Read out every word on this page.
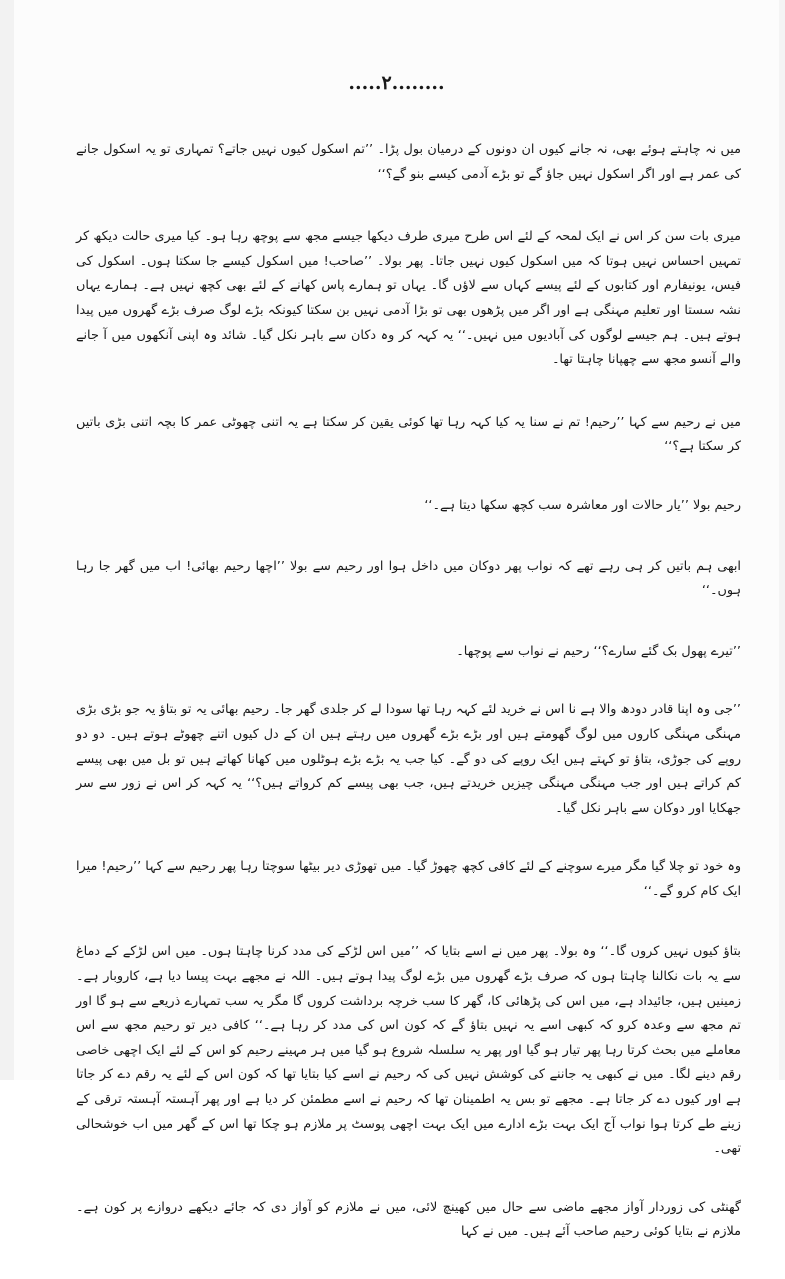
.....۲........

میں نہ چاہتے ہوئے بھی، نہ جانے کیوں ان دونوں کے درمیان بول پڑا۔ ’’تم اسکول کیوں نہیں جاتے؟ تمہاری تو یہ اسکول جانے کی عمر ہے اور اگر اسکول نہیں جاؤ گے تو بڑے آدمی کیسے بنو گے؟‘‘

میری بات سن کر اس نے ایک لمحہ کے لئے اس طرح میری طرف دیکھا جیسے مجھ سے پوچھ رہا ہو۔ کیا میری حالت دیکھ کر تمہیں احساس نہیں ہوتا کہ میں اسکول کیوں نہیں جاتا۔ پھر بولا۔ ’’صاحب! میں اسکول کیسے جا سکتا ہوں۔ اسکول کی فیس، یونیفارم اور کتابوں کے لئے پیسے کہاں سے لاؤں گا۔ یہاں تو ہمارے پاس کھانے کے لئے بھی کچھ نہیں ہے۔ ہمارے یہاں نشہ سستا اور تعلیم مہنگی ہے اور اگر میں پڑھوں بھی تو بڑا آدمی نہیں بن سکتا کیونکہ بڑے لوگ صرف بڑے گھروں میں پیدا ہوتے ہیں۔ ہم جیسے لوگوں کی آبادیوں میں نہیں۔‘‘ یہ کہہ کر وہ دکان سے باہر نکل گیا۔ شائد وہ اپنی آنکھوں میں آ جانے والے آنسو مجھ سے چھپانا چاہتا تھا۔

میں نے رحیم سے کہا ’’رحیم! تم نے سنا یہ کیا کہہ رہا تھا کوئی یقین کر سکتا ہے یہ اتنی چھوٹی عمر کا بچہ اتنی بڑی باتیں کر سکتا ہے؟‘‘

رحیم بولا ’’یار حالات اور معاشرہ سب کچھ سکھا دیتا ہے۔‘‘

ابھی ہم باتیں کر ہی رہے تھے کہ نواب پھر دوکان میں داخل ہوا اور رحیم سے بولا ’’اچھا رحیم بھائی! اب میں گھر جا رہا ہوں۔‘‘

’’تیرے پھول بک گئے سارے؟‘‘ رحیم نے نواب سے پوچھا۔

’’جی وہ اپنا قادر دودھ والا ہے نا اس نے خرید لئے کہہ رہا تھا سودا لے کر جلدی گھر جا۔ رحیم بھائی یہ تو بتاؤ یہ جو بڑی بڑی مہنگی مہنگی کاروں میں لوگ گھومتے ہیں اور بڑے بڑے گھروں میں رہتے ہیں ان کے دل کیوں اتنے چھوٹے ہوتے ہیں۔ دو دو روپے کی جوڑی، بتاؤ تو کہتے ہیں ایک روپے کی دو گے۔ کیا جب یہ بڑے بڑے ہوٹلوں میں کھانا کھاتے ہیں تو بل میں بھی پیسے کم کراتے ہیں اور جب مہنگی مہنگی چیزیں خریدتے ہیں، جب بھی پیسے کم کرواتے ہیں؟‘‘ یہ کہہ کر اس نے زور سے سر جھکایا اور دوکان سے باہر نکل گیا۔

وہ خود تو چلا گیا مگر میرے سوچنے کے لئے کافی کچھ چھوڑ گیا۔ میں تھوڑی دیر بیٹھا سوچتا رہا پھر رحیم سے کہا ’’رحیم! میرا ایک کام کرو گے۔‘‘

بتاؤ کیوں نہیں کروں گا۔‘‘ وہ بولا۔ پھر میں نے اسے بتایا کہ ’’میں اس لڑکے کی مدد کرنا چاہتا ہوں۔ میں اس لڑکے کے دماغ سے یہ بات نکالنا چاہتا ہوں کہ صرف بڑے گھروں میں بڑے لوگ پیدا ہوتے ہیں۔ اللہ نے مجھے بہت پیسا دیا ہے، کاروبار ہے۔ زمینیں ہیں، جائیداد ہے، میں اس کی پڑھائی کا، گھر کا سب خرچہ برداشت کروں گا مگر یہ سب تمہارے ذریعے سے ہو گا اور تم مجھ سے وعدہ کرو کہ کبھی اسے یہ نہیں بتاؤ گے کہ کون اس کی مدد کر رہا ہے۔‘‘ کافی دیر تو رحیم مجھ سے اس معاملے میں بحث کرتا رہا پھر تیار ہو گیا اور پھر یہ سلسلہ شروع ہو گیا میں ہر مہینے رحیم کو اس کے لئے ایک اچھی خاصی رقم دینے لگا۔ میں نے کبھی یہ جاننے کی کوشش نہیں کی کہ رحیم نے اسے کیا بتایا تھا کہ کون اس کے لئے یہ رقم دے کر جاتا ہے اور کیوں دے کر جاتا ہے۔ مجھے تو بس یہ اطمینان تھا کہ رحیم نے اسے مطمئن کر دیا ہے اور پھر آہستہ آہستہ ترقی کے زینے طے کرتا ہوا نواب آج ایک بہت بڑے ادارے میں ایک بہت اچھی پوسٹ پر ملازم ہو چکا تھا اس کے گھر میں اب خوشحالی تھی۔

گھنٹی کی زوردار آواز مجھے ماضی سے حال میں کھینچ لائی، میں نے ملازم کو آواز دی کہ جائے دیکھے دروازے پر کون ہے۔ ملازم نے بتایا کوئی رحیم صاحب آئے ہیں۔ میں نے کہا
